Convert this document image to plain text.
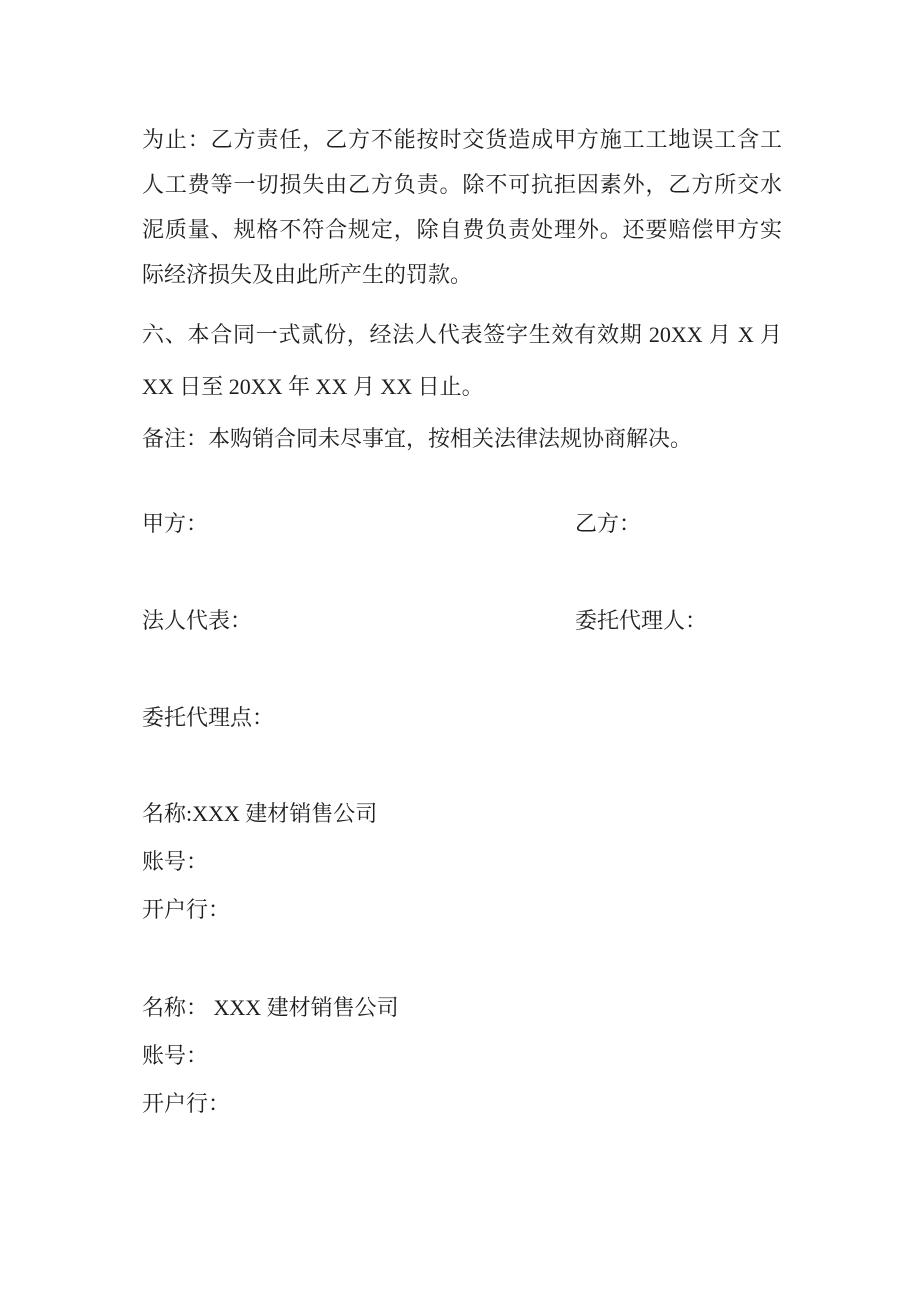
为止：乙方责任，乙方不能按时交货造成甲方施工工地误工含工
人工费等一切损失由乙方负责。除不可抗拒因素外，乙方所交水
泥质量、规格不符合规定，除自费负责处理外。还要赔偿甲方实
际经济损失及由此所产生的罚款。
六、本合同一式贰份，经法人代表签字生效有效期 20XX 月 X 月
XX 日至 20XX 年 XX 月 XX 日止。
备注：本购销合同未尽事宜，按相关法律法规协商解决。
甲方：	乙方：
法人代表：	委托代理人：
委托代理点：
名称:XXX 建材销售公司
账号：
开户行：
名称： XXX 建材销售公司
账号：
开户行：
